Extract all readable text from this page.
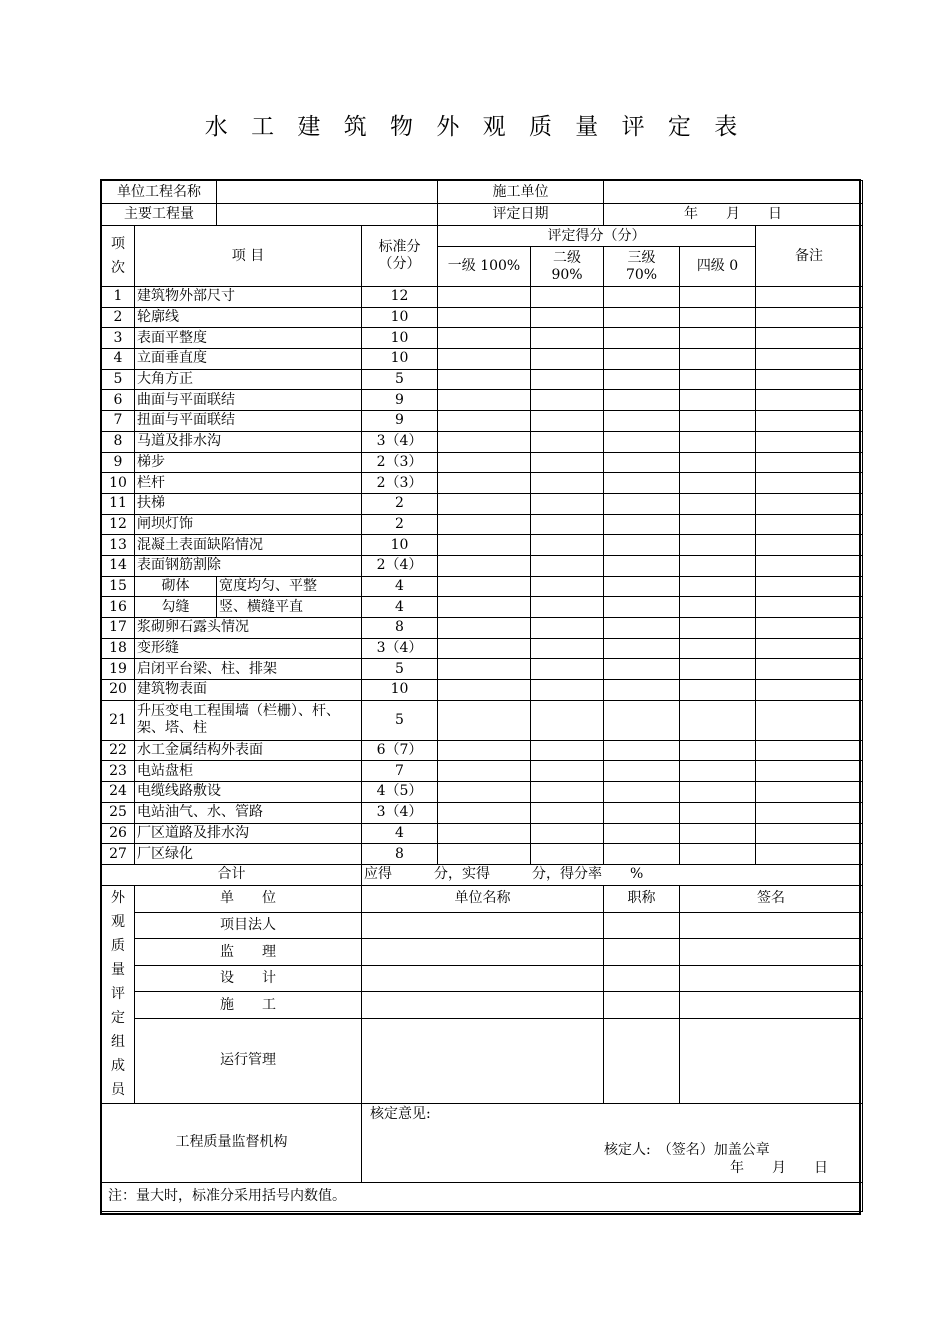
水 工 建 筑 物 外 观 质 量 评 定 表
单位工程名称				施工单位				
主要工程量				评定日期		年　　月　　日		
项次	项 目		标准分（分）	评定得分（分）				备注
				一级 100%	二级 90%	三级 70%	四级 0	
1	建筑物外部尺寸		12					
2	轮廓线		10					
3	表面平整度		10					
4	立面垂直度		10					
5	大角方正		5					
6	曲面与平面联结		9					
7	扭面与平面联结		9					
8	马道及排水沟		3（4）					
9	梯步		2（3）					
10	栏杆		2（3）					
11	扶梯		2					
12	闸坝灯饰		2					
13	混凝土表面缺陷情况		10					
14	表面钢筋割除		2（4）					
15	砌体	宽度均匀、平整	4					
16	勾缝	竖、横缝平直	4					
17	浆砌卵石露头情况		8					
18	变形缝		3（4）					
19	启闭平台梁、柱、排架		5					
20	建筑物表面		10					
21	升压变电工程围墙（栏栅）、杆、架、塔、柱		5					
22	水工金属结构外表面		6（7）					
23	电站盘柜		7					
24	电缆线路敷设		4（5）					
25	电站油气、水、管路		3（4）					
26	厂区道路及排水沟		4					
27	厂区绿化		8					
合计			应得　　　分，实得　　　分，得分率　　%					
外观质量评定组成员	单　　位		单位名称			职称	签名	
	项目法人							
	监　　理							
	设　　计							
	施　　工							
	运行管理							
工程质量监督机构			核定意见:
核定人:　（签名）加盖公章
年　　月　　日					

注：量大时，标准分采用括号内数值。								
